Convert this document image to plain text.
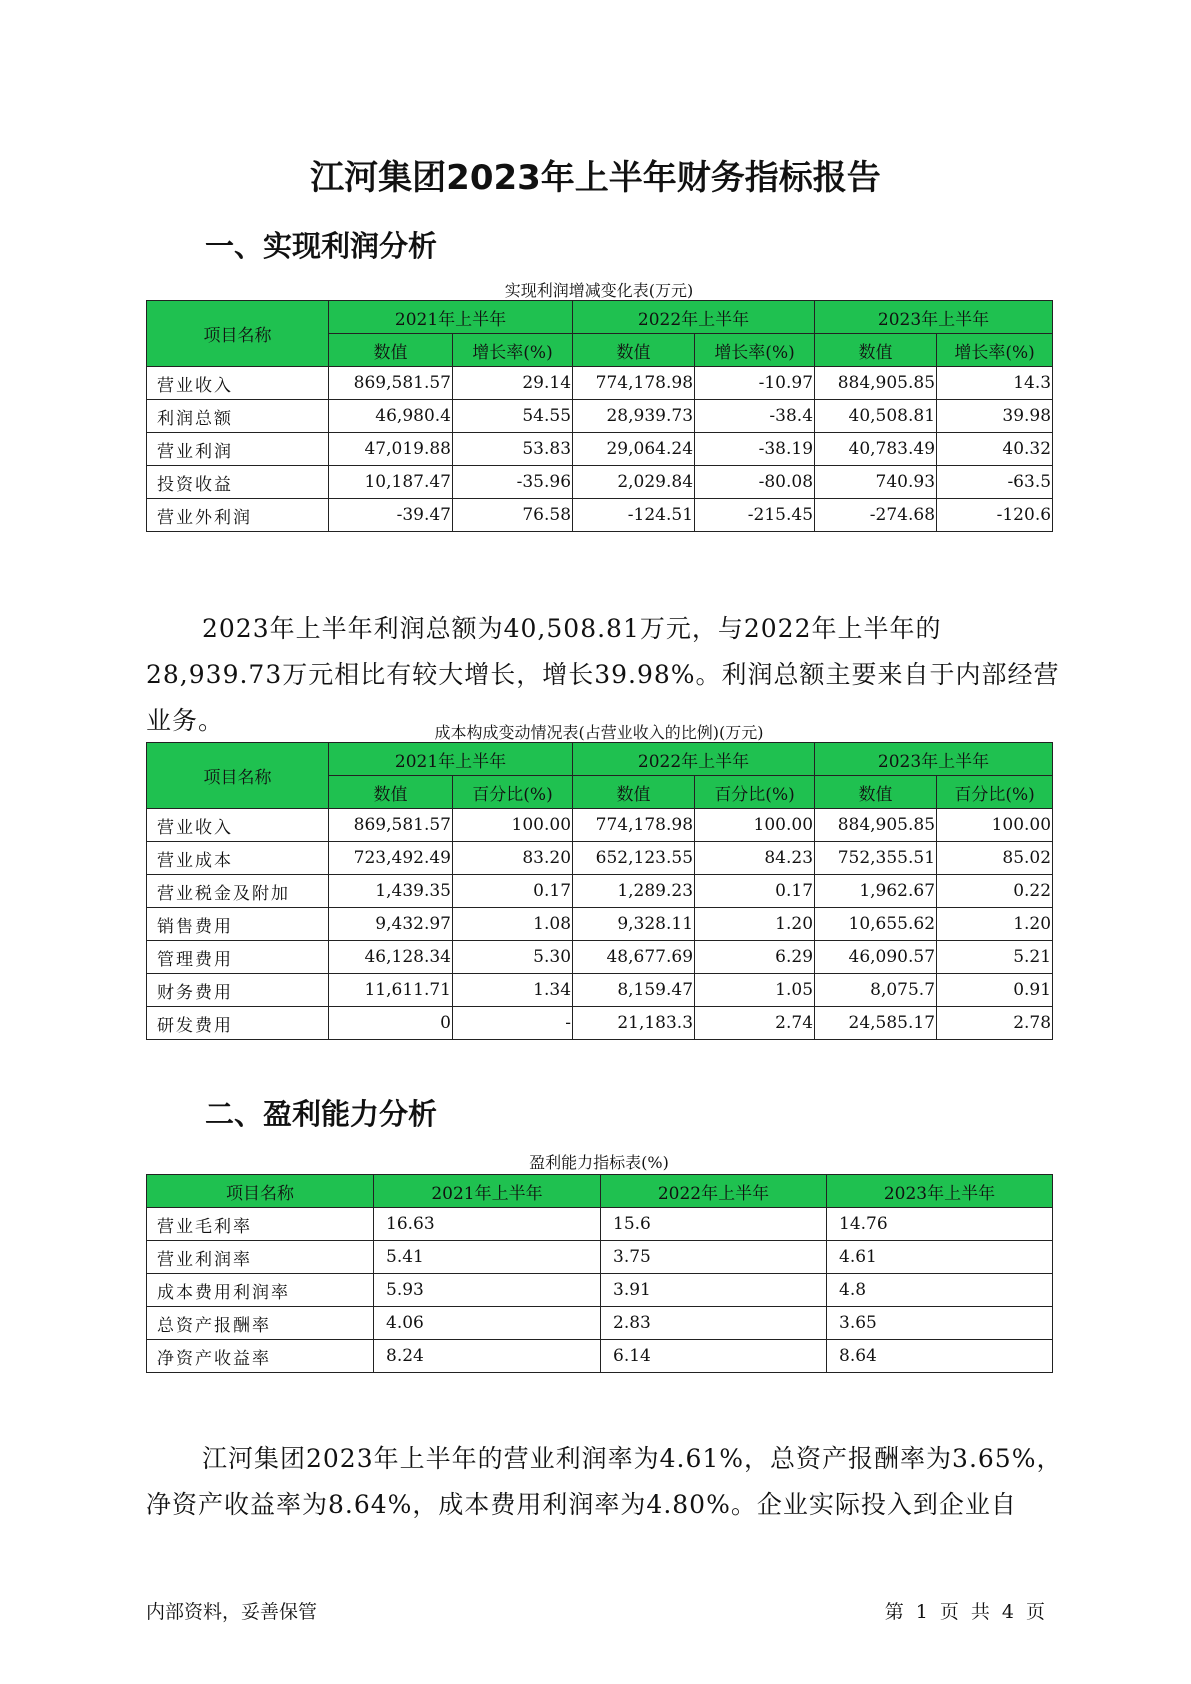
江河集团2023年上半年财务指标报告
一、实现利润分析
实现利润增减变化表(万元)
项目名称	2021年上半年		2022年上半年		2023年上半年	
	数值	增长率(%)	数值	增长率(%)	数值	增长率(%)
营业收入	869,581.57	29.14	774,178.98	-10.97	884,905.85	14.3
利润总额	46,980.4	54.55	28,939.73	-38.4	40,508.81	39.98
营业利润	47,019.88	53.83	29,064.24	-38.19	40,783.49	40.32
投资收益	10,187.47	-35.96	2,029.84	-80.08	740.93	-63.5
营业外利润	-39.47	76.58	-124.51	-215.45	-274.68	-120.6

2023年上半年利润总额为40,508.81万元，与2022年上半年的28,939.73万元相比有较大增长，增长39.98%。利润总额主要来自于内部经营业务。	成本构成变动情况表(占营业收入的比例)(万元)
项目名称	2021年上半年		2022年上半年		2023年上半年	
	数值	百分比(%)	数值	百分比(%)	数值	百分比(%)
营业收入	869,581.57	100.00	774,178.98	100.00	884,905.85	100.00
营业成本	723,492.49	83.20	652,123.55	84.23	752,355.51	85.02
营业税金及附加	1,439.35	0.17	1,289.23	0.17	1,962.67	0.22
销售费用	9,432.97	1.08	9,328.11	1.20	10,655.62	1.20
管理费用	46,128.34	5.30	48,677.69	6.29	46,090.57	5.21
财务费用	11,611.71	1.34	8,159.47	1.05	8,075.7	0.91
研发费用	0	-	21,183.3	2.74	24,585.17	2.78
二、盈利能力分析
盈利能力指标表(%)
项目名称	2021年上半年	2022年上半年	2023年上半年
营业毛利率	16.63	15.6	14.76
营业利润率	5.41	3.75	4.61
成本费用利润率	5.93	3.91	4.8
总资产报酬率	4.06	2.83	3.65
净资产收益率	8.24	6.14	8.64

江河集团2023年上半年的营业利润率为4.61%，总资产报酬率为3.65%，净资产收益率为8.64%，成本费用利润率为4.80%。企业实际投入到企业自

内部资料，妥善保管	第 1 页 共 4 页
